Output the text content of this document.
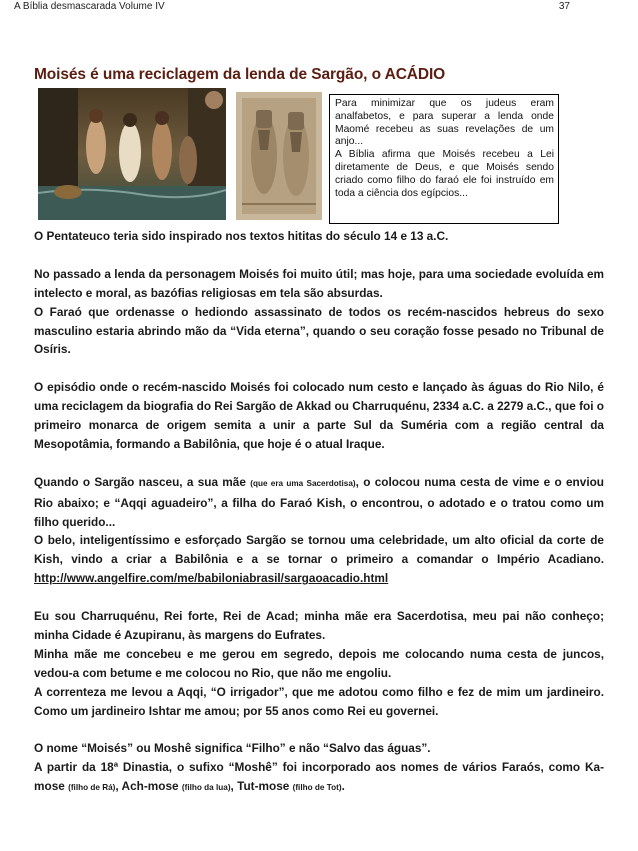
A Bíblia desmascarada Volume IV	37
Moisés é uma reciclagem da lenda de Sargão, o ACÁDIO

Para minimizar que os judeus eram analfabetos, e para superar a lenda onde Maomé recebeu as suas revelações de um anjo...

A Bíblia afirma que Moisés recebeu a Lei diretamente de Deus, e que Moisés sendo criado como filho do faraó ele foi instruído em toda a ciência dos egípcios...

O Pentateuco teria sido inspirado nos textos hititas do século 14 e 13 a.C.

No passado a lenda da personagem Moisés foi muito útil; mas hoje, para uma sociedade evoluída em intelecto e moral, as bazófias religiosas em tela são absurdas.

O Faraó que ordenasse o hediondo assassinato de todos os recém-nascidos hebreus do sexo masculino estaria abrindo mão da “Vida eterna”, quando o seu coração fosse pesado no Tribunal de Osíris.

O episódio onde o recém-nascido Moisés foi colocado num cesto e lançado às águas do Rio Nilo, é uma reciclagem da biografia do Rei Sargão de Akkad ou Charruquénu, 2334 a.C. a 2279 a.C., que foi o primeiro monarca de origem semita a unir a parte Sul da Suméria com a região central da Mesopotâmia, formando a Babilônia, que hoje é o atual Iraque.

Quando o Sargão nasceu, a sua mãe (que era uma Sacerdotisa), o colocou numa cesta de vime e o enviou Rio abaixo; e “Aqqi aguadeiro”, a filha do Faraó Kish, o encontrou, o adotado e o tratou como um filho querido...

O belo, inteligentíssimo e esforçado Sargão se tornou uma celebridade, um alto oficial da corte de Kish, vindo a criar a Babilônia e a se tornar o primeiro a comandar o Império Acadiano. http://www.angelfire.com/me/babiloniabrasil/sargaoacadio.html

Eu sou Charruquénu, Rei forte, Rei de Acad; minha mãe era Sacerdotisa, meu pai não conheço; minha Cidade é Azupiranu, às margens do Eufrates.

Minha mãe me concebeu e me gerou em segredo, depois me colocando numa cesta de juncos, vedou-a com betume e me colocou no Rio, que não me engoliu.

A correnteza me levou a Aqqi, “O irrigador”, que me adotou como filho e fez de mim um jardineiro. Como um jardineiro Ishtar me amou; por 55 anos como Rei eu governei.

O nome “Moisés” ou Moshê significa “Filho” e não “Salvo das águas”.

A partir da 18ª Dinastia, o sufixo “Moshê” foi incorporado aos nomes de vários Faraós, como Ka-mose (filho de Rá), Ach-mose (filho da lua), Tut-mose (filho de Tot).
